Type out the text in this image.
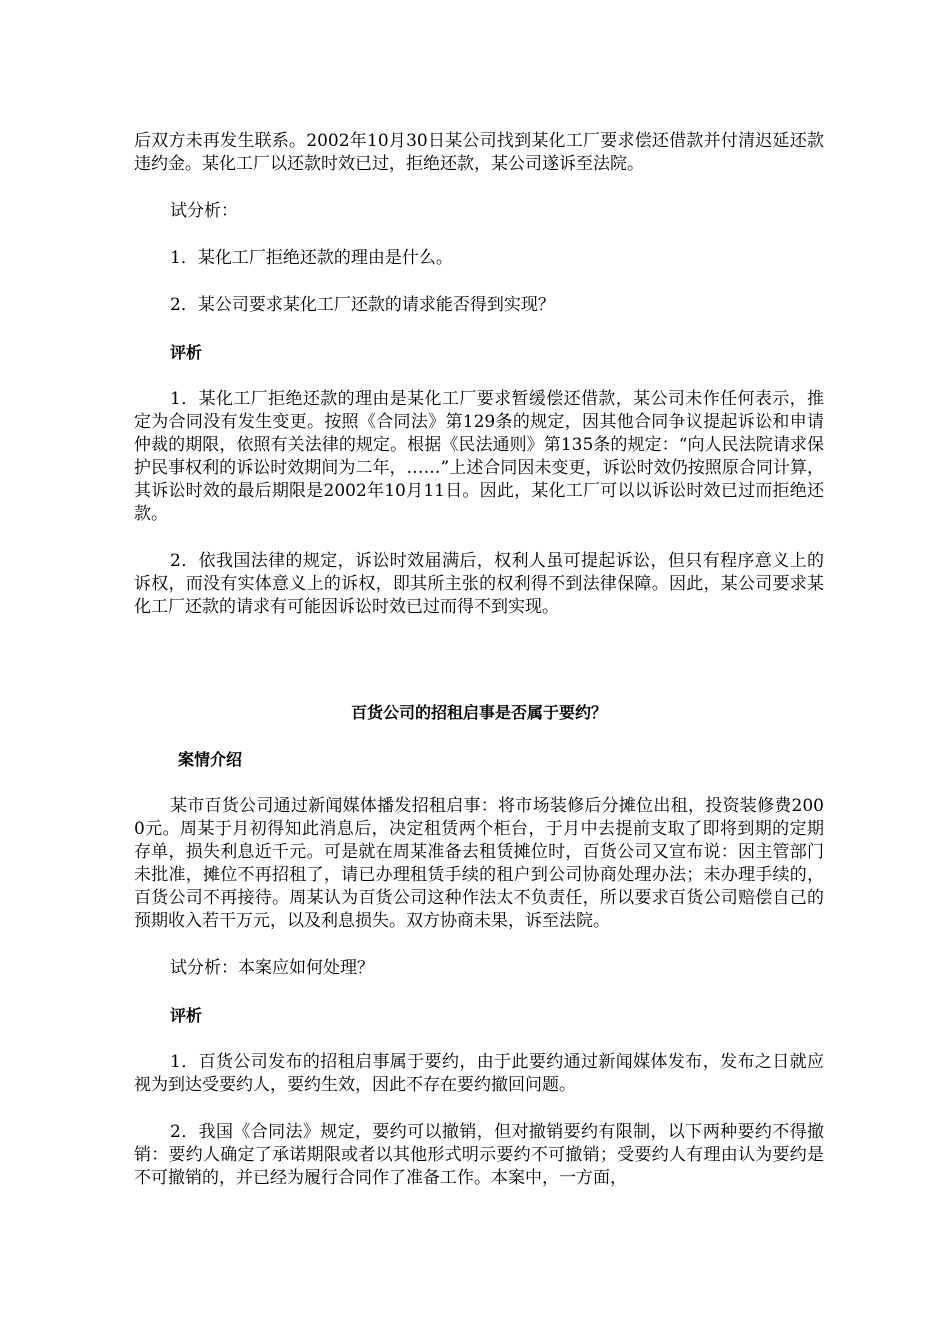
后双方未再发生联系。2002年10月30日某公司找到某化工厂要求偿还借款并付清迟延还款违约金。某化工厂以还款时效已过，拒绝还款，某公司遂诉至法院。

试分析：

1．某化工厂拒绝还款的理由是什么。

2．某公司要求某化工厂还款的请求能否得到实现？

评析

1．某化工厂拒绝还款的理由是某化工厂要求暂缓偿还借款，某公司未作任何表示，推定为合同没有发生变更。按照《合同法》第129条的规定，因其他合同争议提起诉讼和申请仲裁的期限，依照有关法律的规定。根据《民法通则》第135条的规定：“向人民法院请求保护民事权利的诉讼时效期间为二年，……”上述合同因未变更，诉讼时效仍按照原合同计算，其诉讼时效的最后期限是2002年10月11日。因此，某化工厂可以以诉讼时效已过而拒绝还款。

2．依我国法律的规定，诉讼时效届满后，权利人虽可提起诉讼，但只有程序意义上的诉权，而没有实体意义上的诉权，即其所主张的权利得不到法律保障。因此，某公司要求某化工厂还款的请求有可能因诉讼时效已过而得不到实现。

百货公司的招租启事是否属于要约？

案情介绍

某市百货公司通过新闻媒体播发招租启事：将市场装修后分摊位出租，投资装修费2000元。周某于月初得知此消息后，决定租赁两个柜台，于月中去提前支取了即将到期的定期存单，损失利息近千元。可是就在周某准备去租赁摊位时，百货公司又宣布说：因主管部门未批准，摊位不再招租了，请已办理租赁手续的租户到公司协商处理办法；未办理手续的，百货公司不再接待。周某认为百货公司这种作法太不负责任，所以要求百货公司赔偿自己的预期收入若干万元，以及利息损失。双方协商未果，诉至法院。

试分析：本案应如何处理？

评析

1．百货公司发布的招租启事属于要约，由于此要约通过新闻媒体发布，发布之日就应视为到达受要约人，要约生效，因此不存在要约撤回问题。

2．我国《合同法》规定，要约可以撤销，但对撤销要约有限制，以下两种要约不得撤销：要约人确定了承诺期限或者以其他形式明示要约不可撤销；受要约人有理由认为要约是不可撤销的，并已经为履行合同作了准备工作。本案中，一方面，
